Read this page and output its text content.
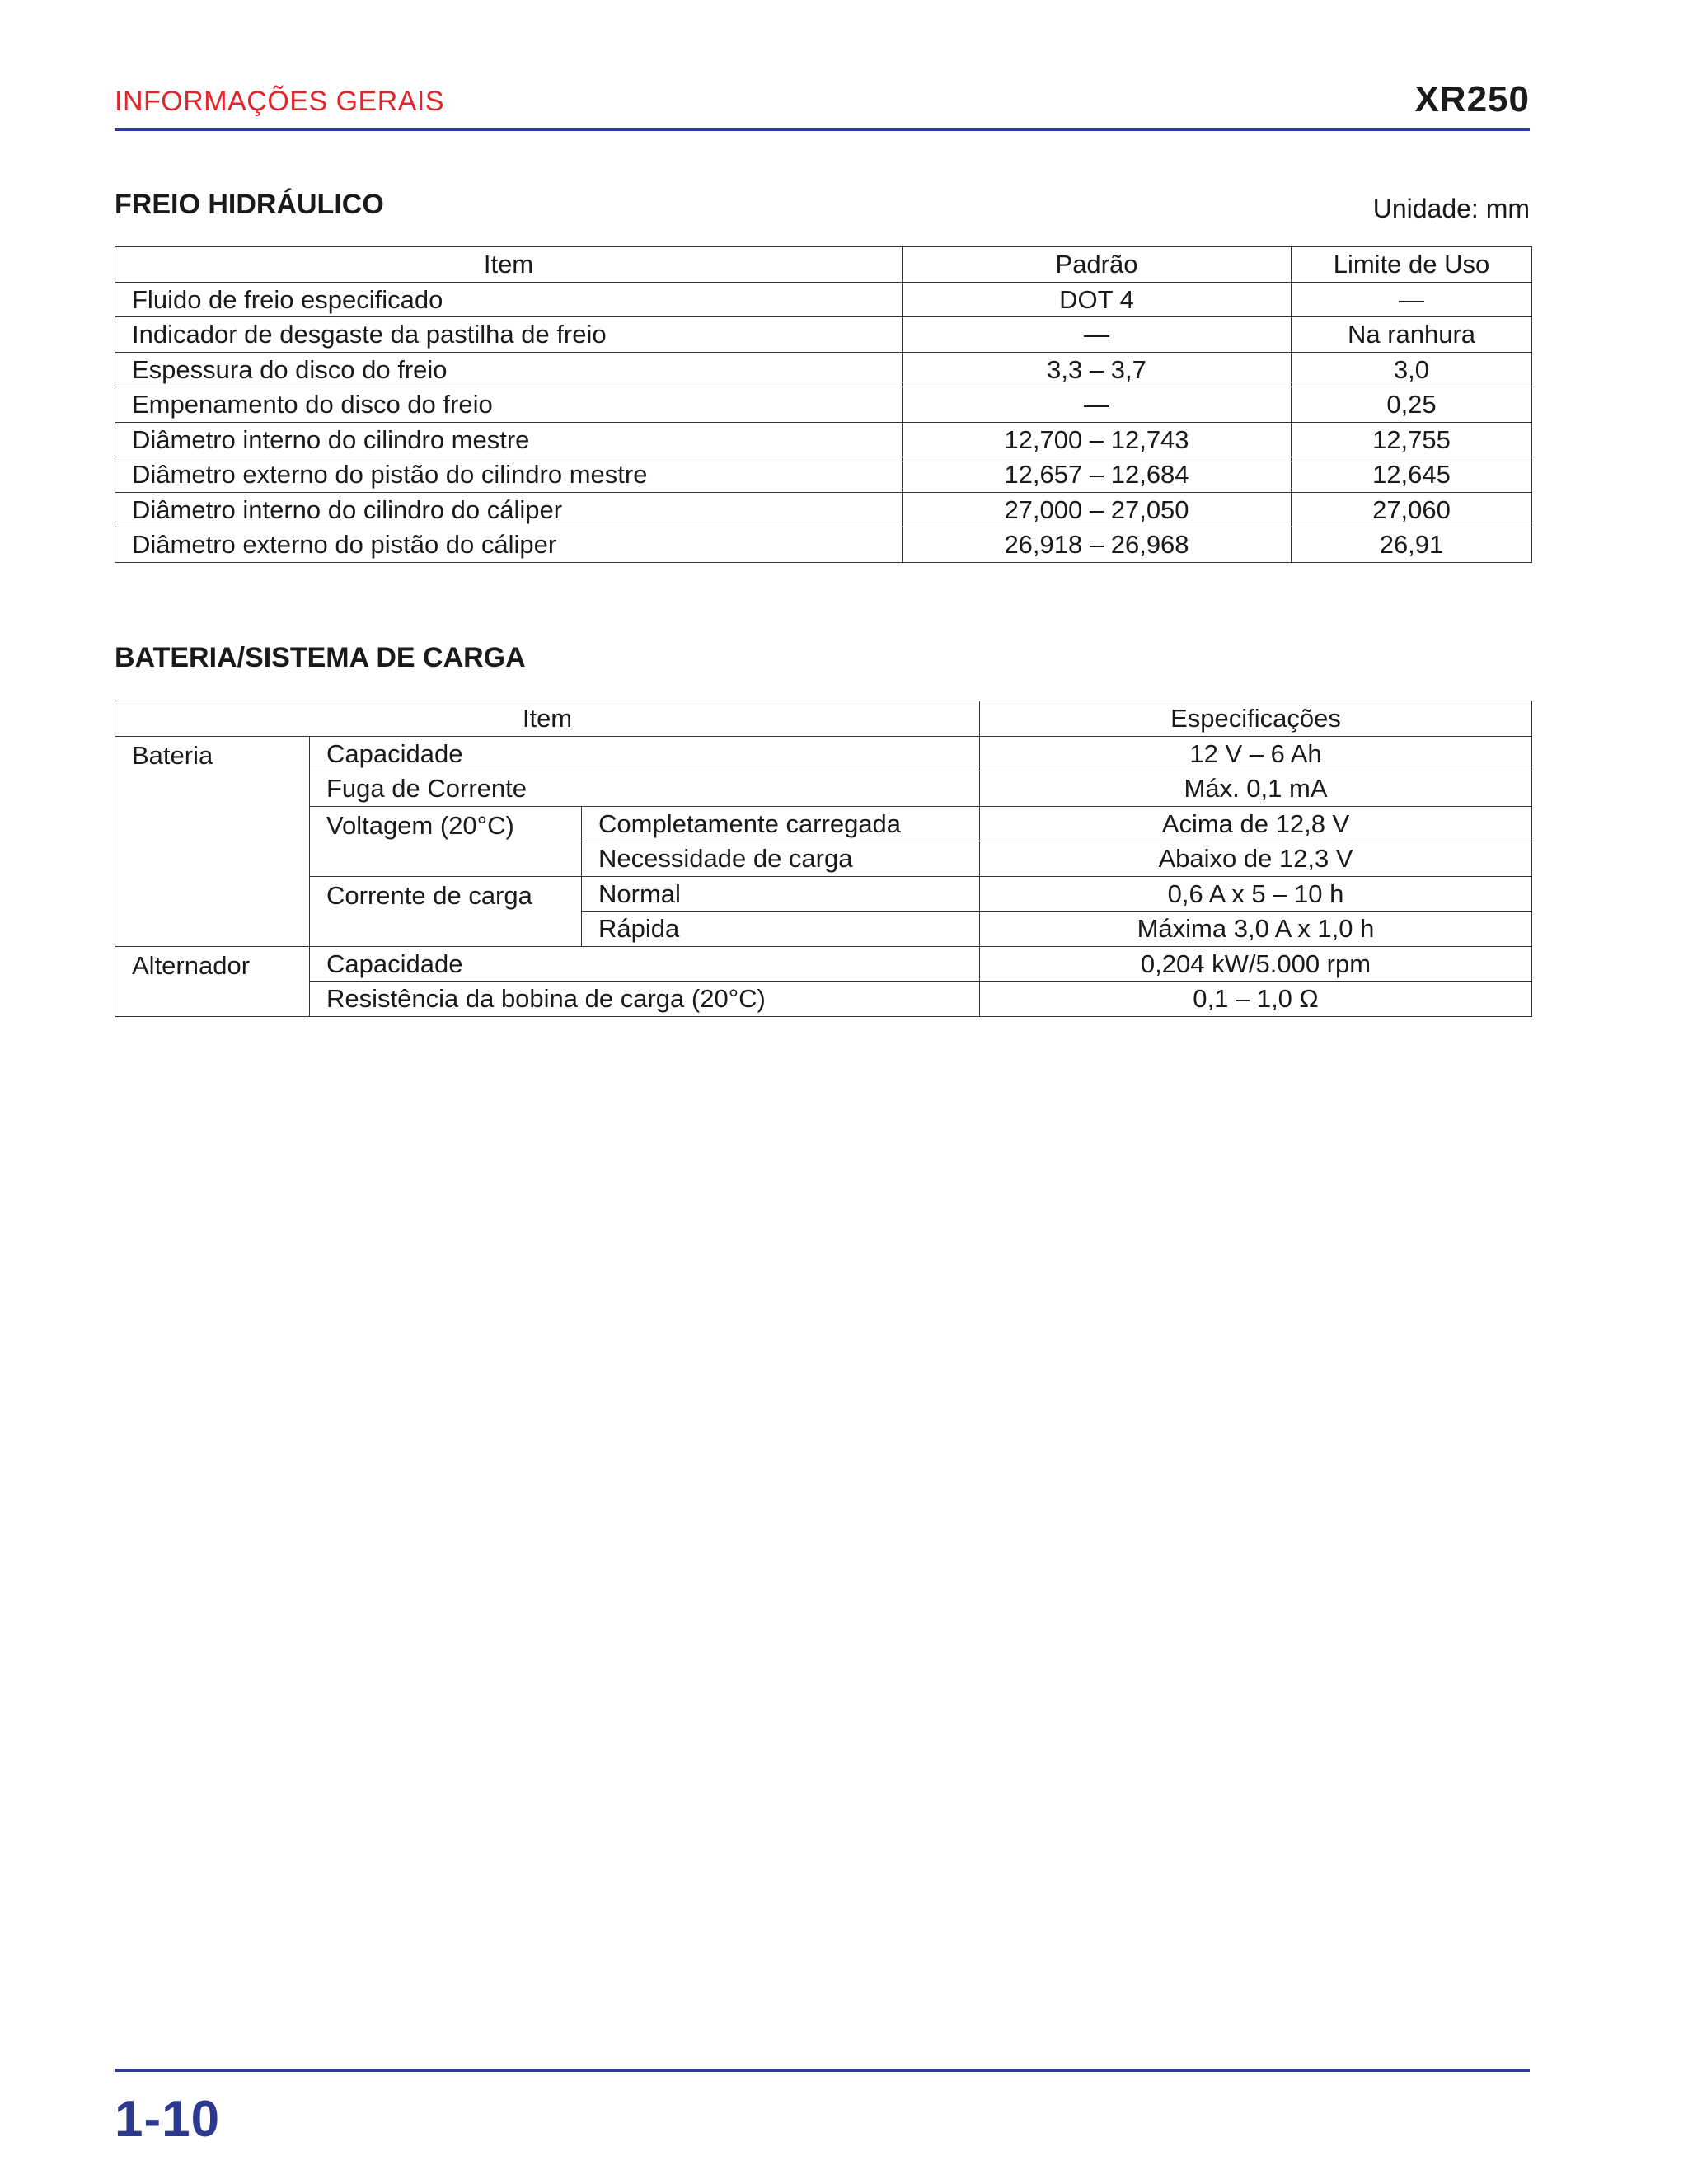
INFORMAÇÕES GERAIS	XR250
FREIO HIDRÁULICO	Unidade: mm
Item	Padrão	Limite de Uso
Fluido de freio especificado	DOT 4	—
Indicador de desgaste da pastilha de freio	—	Na ranhura
Espessura do disco do freio	3,3 – 3,7	3,0
Empenamento do disco do freio	—	0,25
Diâmetro interno do cilindro mestre	12,700 – 12,743	12,755
Diâmetro externo do pistão do cilindro mestre	12,657 – 12,684	12,645
Diâmetro interno do cilindro do cáliper	27,000 – 27,050	27,060
Diâmetro externo do pistão do cáliper	26,918 – 26,968	26,91
BATERIA/SISTEMA DE CARGA
Item			Especificações
Bateria	Capacidade		12 V – 6 Ah
	Fuga de Corrente		Máx. 0,1 mA
	Voltagem (20°C)	Completamente carregada	Acima de 12,8 V
		Necessidade de carga	Abaixo de 12,3 V
	Corrente de carga	Normal	0,6 A x 5 – 10 h
		Rápida	Máxima 3,0 A x 1,0 h
Alternador	Capacidade		0,204 kW/5.000 rpm
	Resistência da bobina de carga (20°C)		0,1 – 1,0 Ω
1-10
